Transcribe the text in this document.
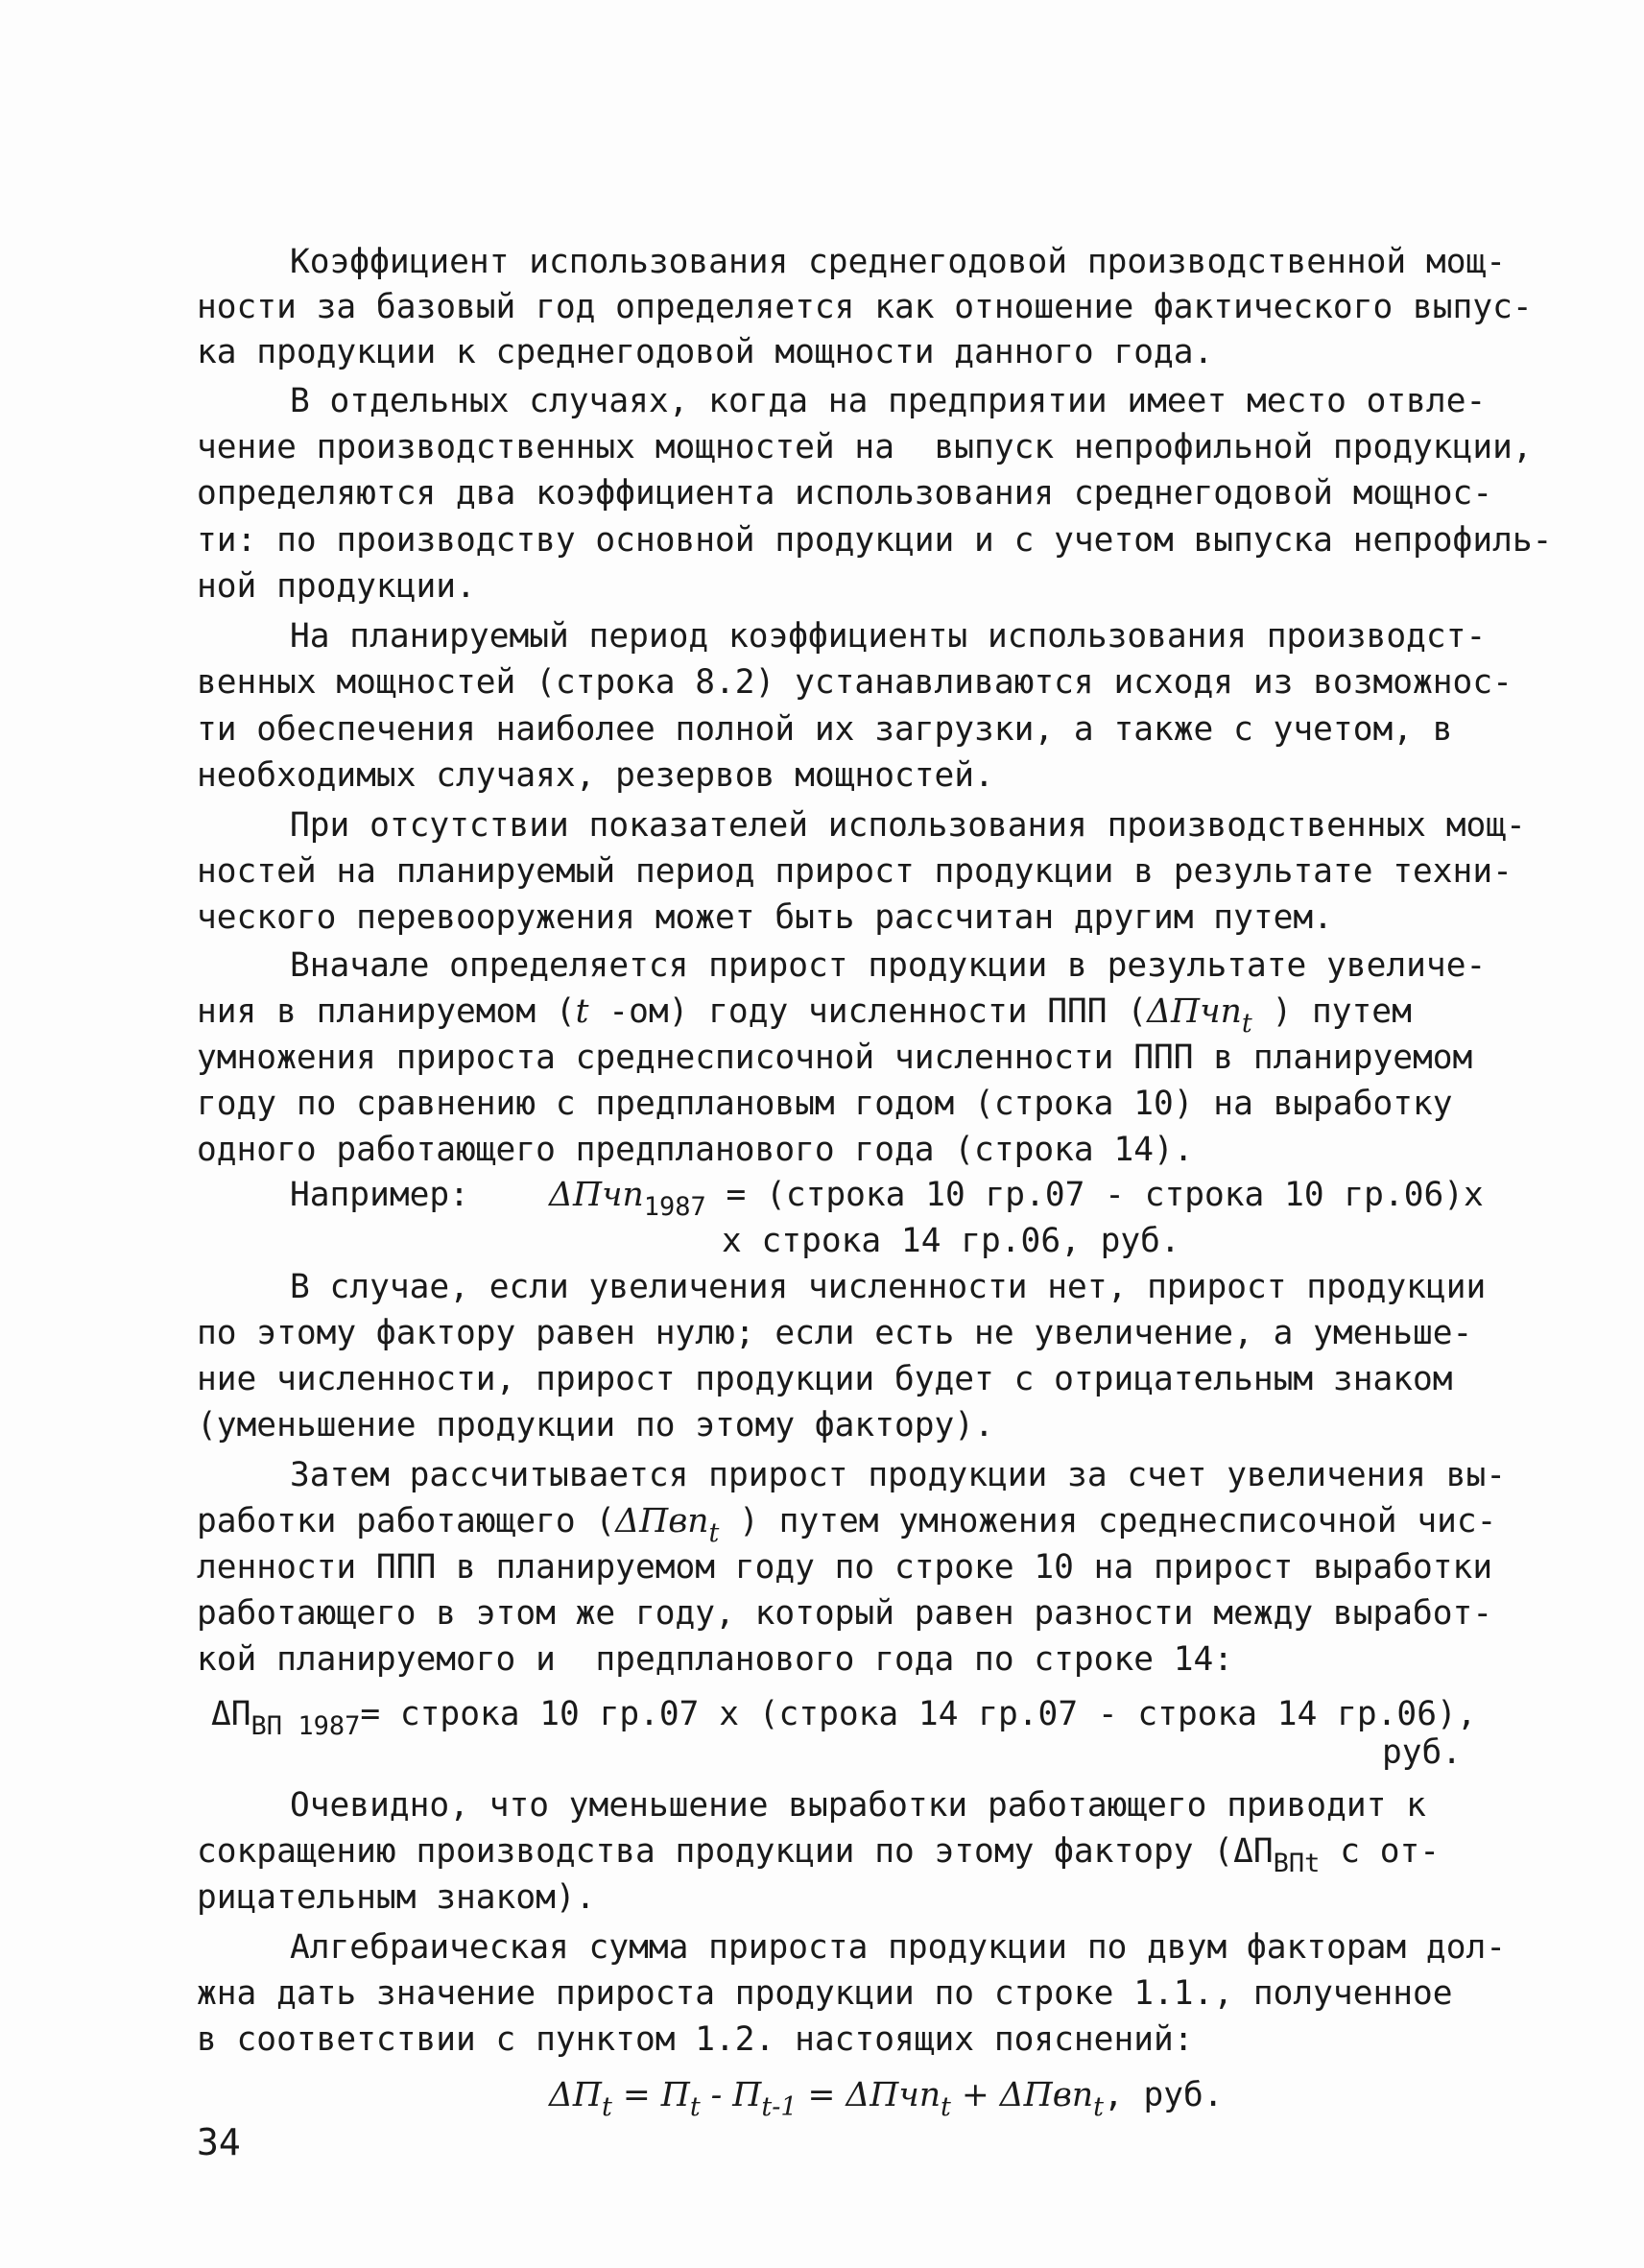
Коэффициент использования среднегодовой производственной мощ-
ности за базовый год определяется как отношение фактического выпус-
ка продукции к среднегодовой мощности данного года.
В отдельных случаях, когда на предприятии имеет место отвле-
чение производственных мощностей на  выпуск непрофильной продукции,
определяются два коэффициента использования среднегодовой мощнос-
ти: по производству основной продукции и с учетом выпуска непрофиль-
ной продукции.
На планируемый период коэффициенты использования производст-
венных мощностей (строка 8.2) устанавливаются исходя из возможнос-
ти обеспечения наиболее полной их загрузки, а также с учетом, в
необходимых случаях, резервов мощностей.
При отсутствии показателей использования производственных мощ-
ностей на планируемый период прирост продукции в результате техни-
ческого перевооружения может быть рассчитан другим путем.
Вначале определяется прирост продукции в результате увеличе-
ния в планируемом (t -ом) году численности ППП (ΔПчп$_t$ ) путем
умножения прироста среднесписочной численности ППП в планируемом
году по сравнению с предплановым годом (строка 10) на выработку
одного работающего предпланового года (строка 14).
Например:    ΔПчп$_{1987}$ = (строка 10 гр.07 - строка 10 гр.06)x
x строка 14 гр.06, руб.
В случае, если увеличения численности нет, прирост продукции
по этому фактору равен нулю; если есть не увеличение, а уменьше-
ние численности, прирост продукции будет с отрицательным знаком
(уменьшение продукции по этому фактору).
Затем рассчитывается прирост продукции за счет увеличения вы-
работки работающего (ΔПвп$_t$ ) путем умножения среднесписочной чис-
ленности ППП в планируемом году по строке 10 на прирост выработки
работающего в этом же году, который равен разности между выработ-
кой планируемого и  предпланового года по строке 14:
$\Delta П_{ВП 1987}=$ строка 10 гр.07 x (строка 14 гр.07 - строка 14 гр.06),
руб.
Очевидно, что уменьшение выработки работающего приводит к
сокращению производства продукции по этому фактору ($\Delta П_{ВПt}$ с от-
рицательным знаком).
Алгебраическая сумма прироста продукции по двум факторам дол-
жна дать значение прироста продукции по строке 1.1., полученное
в соответствии с пунктом 1.2. настоящих пояснений:
$\Delta П_t = П_t - П_{t-1} = \Delta Пчп_t + \Delta Пвп_t$, руб.
34
